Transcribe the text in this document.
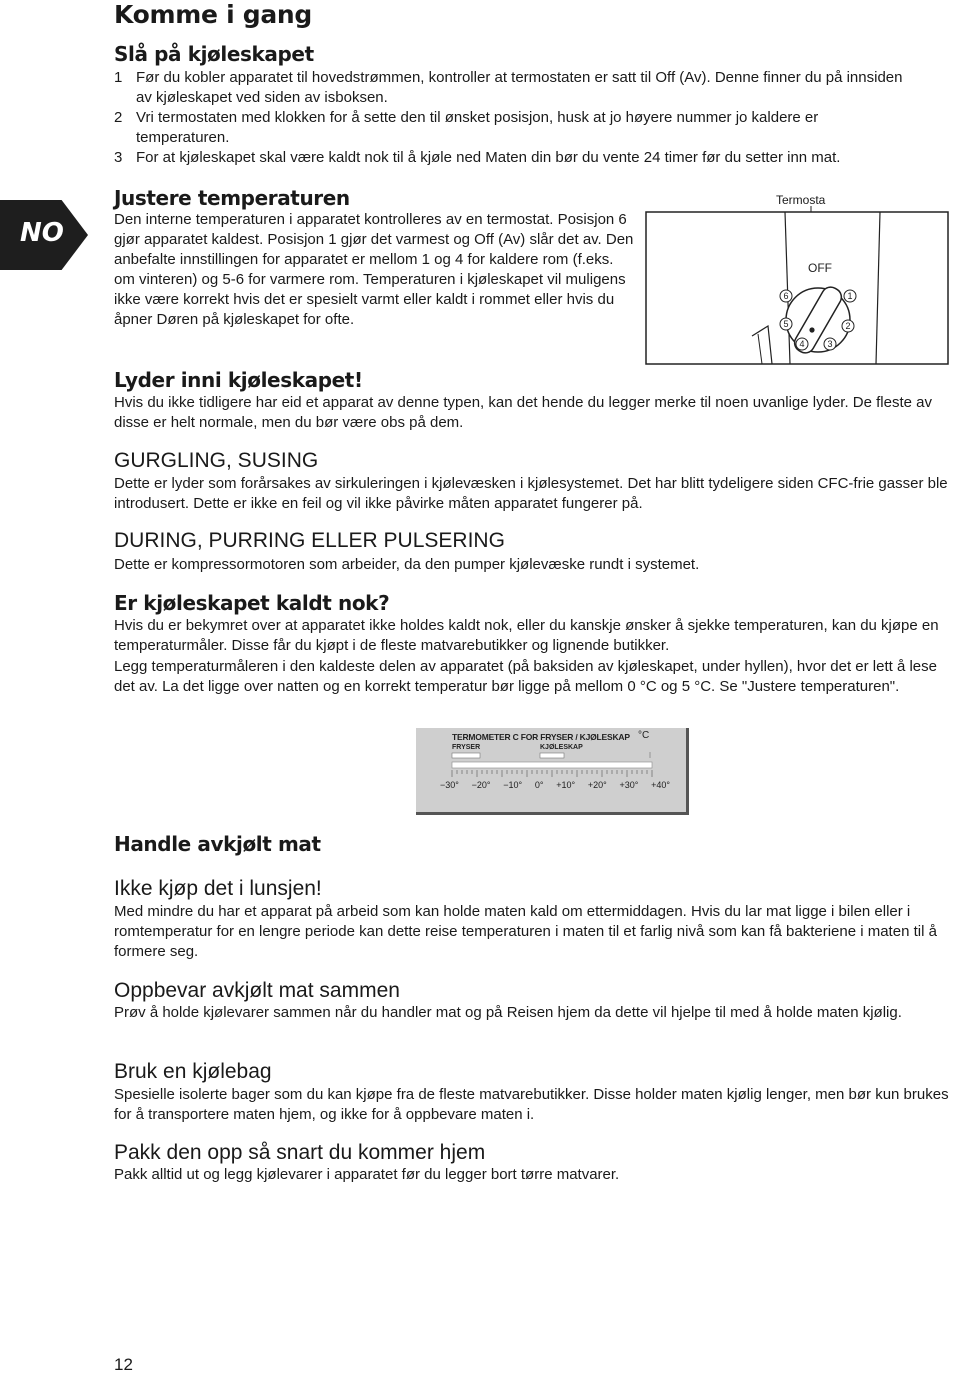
Komme i gang
Slå på kjøleskapet
1 Før du kobler apparatet til hovedstrømmen, kontroller at termostaten er satt til Off (Av). Denne finner du på innsiden av kjøleskapet ved siden av isboksen.
2 Vri termostaten med klokken for å sette den til ønsket posisjon, husk at jo høyere nummer jo kaldere er temperaturen.
3 For at kjøleskapet skal være kaldt nok til å kjøle ned Maten din bør du vente 24 timer før du setter inn mat.
NO
Justere temperaturen
Den interne temperaturen i apparatet kontrolleres av en termostat. Posisjon 6 gjør apparatet kaldest. Posisjon 1 gjør det varmest og Off (Av) slår det av. Den anbefalte innstillingen for apparatet er mellom 1 og 4 for kaldere rom (f.eks. om vinteren) og 5-6 for varmere rom. Temperaturen i kjøleskapet vil muligens ikke være korrekt hvis det er spesielt varmt eller kaldt i rommet eller hvis du åpner Døren på kjøleskapet for ofte.
Termosta
1
2
3
4
5
6
OFF
Lyder inni kjøleskapet!
Hvis du ikke tidligere har eid et apparat av denne typen, kan det hende du legger merke til noen uvanlige lyder. De fleste av disse er helt normale, men du bør være obs på dem.
GURGLING, SUSING
Dette er lyder som forårsakes av sirkuleringen i kjølevæsken i kjølesystemet. Det har blitt tydeligere siden CFC-frie gasser ble introdusert. Dette er ikke en feil og vil ikke påvirke måten apparatet fungerer på.
DURING, PURRING ELLER PULSERING
Dette er kompressormotoren som arbeider, da den pumper kjølevæske rundt i systemet.
Er kjøleskapet kaldt nok?
Hvis du er bekymret over at apparatet ikke holdes kaldt nok, eller du kanskje ønsker å sjekke temperaturen, kan du kjøpe en temperaturmåler. Disse får du kjøpt i de fleste matvarebutikker og lignende butikker.
Legg temperaturmåleren i den kaldeste delen av apparatet (på baksiden av kjøleskapet, under hyllen), hvor det er lett å lese det av. La det ligge over natten og en korrekt temperatur bør ligge på mellom 0 °C og 5 °C. Se "Justere temperaturen".
TERMOMETER C FOR FRYSER / KJØLESKAP °C
FRYSER	KJØLESKAP
−30° −20° −10° 0° +10° +20° +30° +40°
Handle avkjølt mat
Ikke kjøp det i lunsjen!
Med mindre du har et apparat på arbeid som kan holde maten kald om ettermiddagen. Hvis du lar mat ligge i bilen eller i romtemperatur for en lengre periode kan dette reise temperaturen i maten til et farlig nivå som kan få bakteriene i maten til å formere seg.
Oppbevar avkjølt mat sammen
Prøv å holde kjølevarer sammen når du handler mat og på Reisen hjem da dette vil hjelpe til med å holde maten kjølig.
Bruk en kjølebag
Spesielle isolerte bager som du kan kjøpe fra de fleste matvarebutikker. Disse holder maten kjølig lenger, men bør kun brukes for å transportere maten hjem, og ikke for å oppbevare maten i.
Pakk den opp så snart du kommer hjem
Pakk alltid ut og legg kjølevarer i apparatet før du legger bort tørre matvarer.
12
